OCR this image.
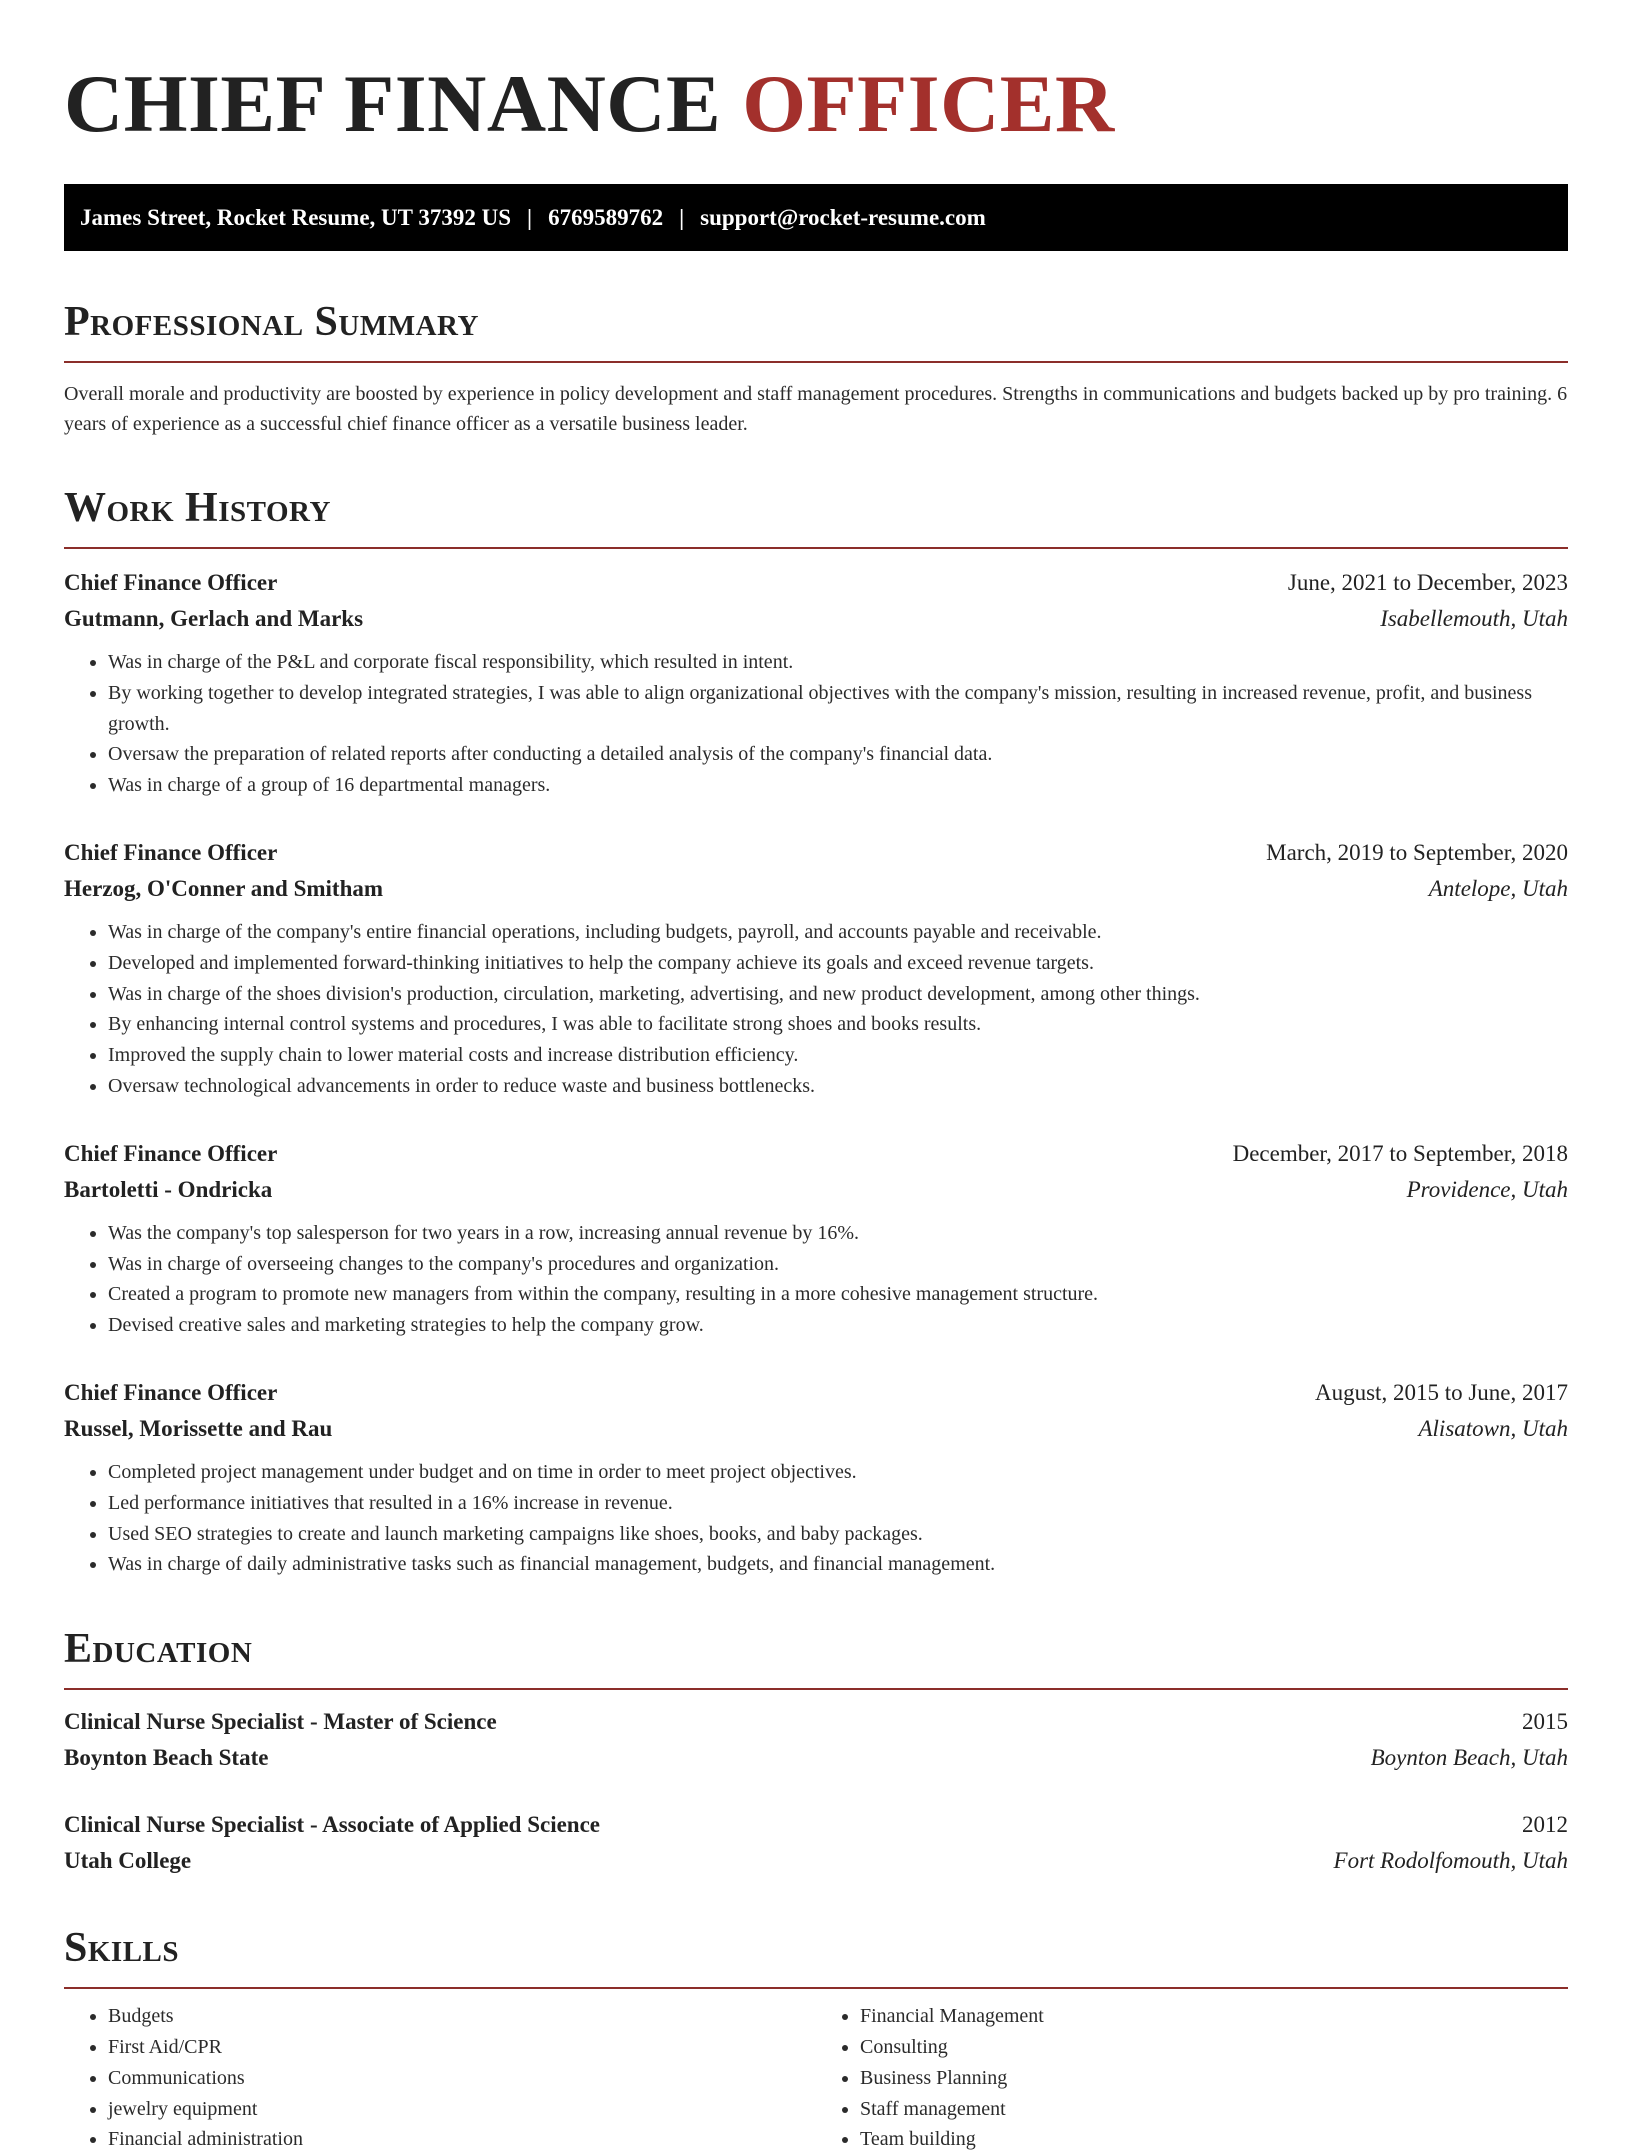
CHIEF FINANCE OFFICER
James Street, Rocket Resume, UT 37392 US | 6769589762 | support@rocket-resume.com
Professional Summary

Overall morale and productivity are boosted by experience in policy development and staff management procedures. Strengths in communications and budgets backed up by pro training. 6 years of experience as a successful chief finance officer as a versatile business leader.

Work History
Chief Finance Officer	June, 2021 to December, 2023
Gutmann, Gerlach and Marks	Isabellemouth, Utah
• Was in charge of the P&L and corporate fiscal responsibility, which resulted in intent.
• By working together to develop integrated strategies, I was able to align organizational objectives with the company's mission, resulting in increased revenue, profit, and business growth.
• Oversaw the preparation of related reports after conducting a detailed analysis of the company's financial data.
• Was in charge of a group of 16 departmental managers.
Chief Finance Officer	March, 2019 to September, 2020
Herzog, O'Conner and Smitham	Antelope, Utah
• Was in charge of the company's entire financial operations, including budgets, payroll, and accounts payable and receivable.
• Developed and implemented forward-thinking initiatives to help the company achieve its goals and exceed revenue targets.
• Was in charge of the shoes division's production, circulation, marketing, advertising, and new product development, among other things.
• By enhancing internal control systems and procedures, I was able to facilitate strong shoes and books results.
• Improved the supply chain to lower material costs and increase distribution efficiency.
• Oversaw technological advancements in order to reduce waste and business bottlenecks.
Chief Finance Officer	December, 2017 to September, 2018
Bartoletti - Ondricka	Providence, Utah
• Was the company's top salesperson for two years in a row, increasing annual revenue by 16%.
• Was in charge of overseeing changes to the company's procedures and organization.
• Created a program to promote new managers from within the company, resulting in a more cohesive management structure.
• Devised creative sales and marketing strategies to help the company grow.
Chief Finance Officer	August, 2015 to June, 2017
Russel, Morissette and Rau	Alisatown, Utah
• Completed project management under budget and on time in order to meet project objectives.
• Led performance initiatives that resulted in a 16% increase in revenue.
• Used SEO strategies to create and launch marketing campaigns like shoes, books, and baby packages.
• Was in charge of daily administrative tasks such as financial management, budgets, and financial management.
Education
Clinical Nurse Specialist - Master of Science	2015
Boynton Beach State	Boynton Beach, Utah
Clinical Nurse Specialist - Associate of Applied Science	2012
Utah College	Fort Rodolfomouth, Utah
Skills
• Budgets
• First Aid/CPR
• Communications
• jewelry equipment
• Financial administration
• Financial Management
• Consulting
• Business Planning
• Staff management
• Team building
